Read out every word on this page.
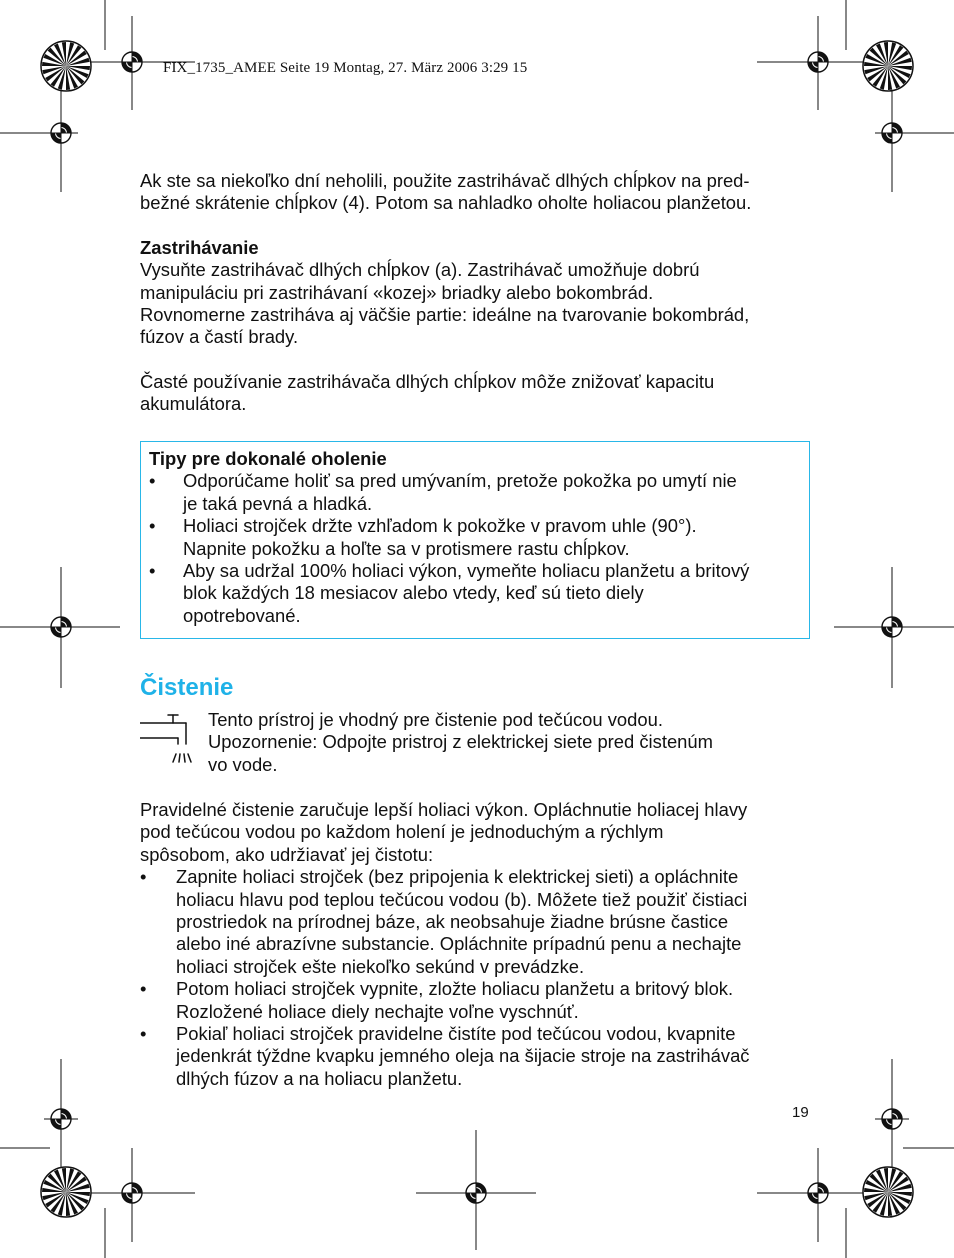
FIX_1735_AMEE Seite 19 Montag, 27. März 2006 3:29 15

Ak ste sa niekoľko dní neholili, použite zastrihávač dlhých chĺpkov na pred-

bežné skrátenie chĺpkov (4). Potom sa nahladko oholte holiacou planžetou.

Zastrihávanie

Vysuňte zastrihávač dlhých chĺpkov (a). Zastrihávač umožňuje dobrú

manipuláciu pri zastrihávaní «kozej» briadky alebo bokombrád.

Rovnomerne zastriháva aj väčšie partie: ideálne na tvarovanie bokombrád,

fúzov a častí brady.

Časté používanie zastrihávača dlhých chĺpkov môže znižovať kapacitu

akumulátora.

Tipy pre dokonalé oholenie

• Odporúčame holiť sa pred umývaním, pretože pokožka po umytí nie
je taká pevná a hladká.
• Holiaci strojček držte vzhľadom k pokožke v pravom uhle (90°).
Napnite pokožku a hoľte sa v protismere rastu chĺpkov.
• Aby sa udržal 100% holiaci výkon, vymeňte holiacu planžetu a britový
blok každých 18 mesiacov alebo vtedy, keď sú tieto diely
opotrebované.
Čistenie
Tento prístroj je vhodný pre čistenie pod tečúcou vodou.
Upozornenie: Odpojte pristroj z elektrickej siete pred čistenúm
vo vode.

Pravidelné čistenie zaručuje lepší holiaci výkon. Opláchnutie holiacej hlavy

pod tečúcou vodou po každom holení je jednoduchým a rýchlym

spôsobom, ako udržiavať jej čistotu:

• Zapnite holiaci strojček (bez pripojenia k elektrickej sieti) a opláchnite
holiacu hlavu pod teplou tečúcou vodou (b). Môžete tiež použiť čistiaci
prostriedok na prírodnej báze, ak neobsahuje žiadne brúsne častice
alebo iné abrazívne substancie. Opláchnite prípadnú penu a nechajte
holiaci strojček ešte niekoľko sekúnd v prevádzke.
• Potom holiaci strojček vypnite, zložte holiacu planžetu a britový blok.
Rozložené holiace diely nechajte voľne vyschnúť.
• Pokiaľ holiaci strojček pravidelne čistíte pod tečúcou vodou, kvapnite
jedenkrát týždne kvapku jemného oleja na šijacie stroje na zastrihávač
dlhých fúzov a na holiacu planžetu.
19
